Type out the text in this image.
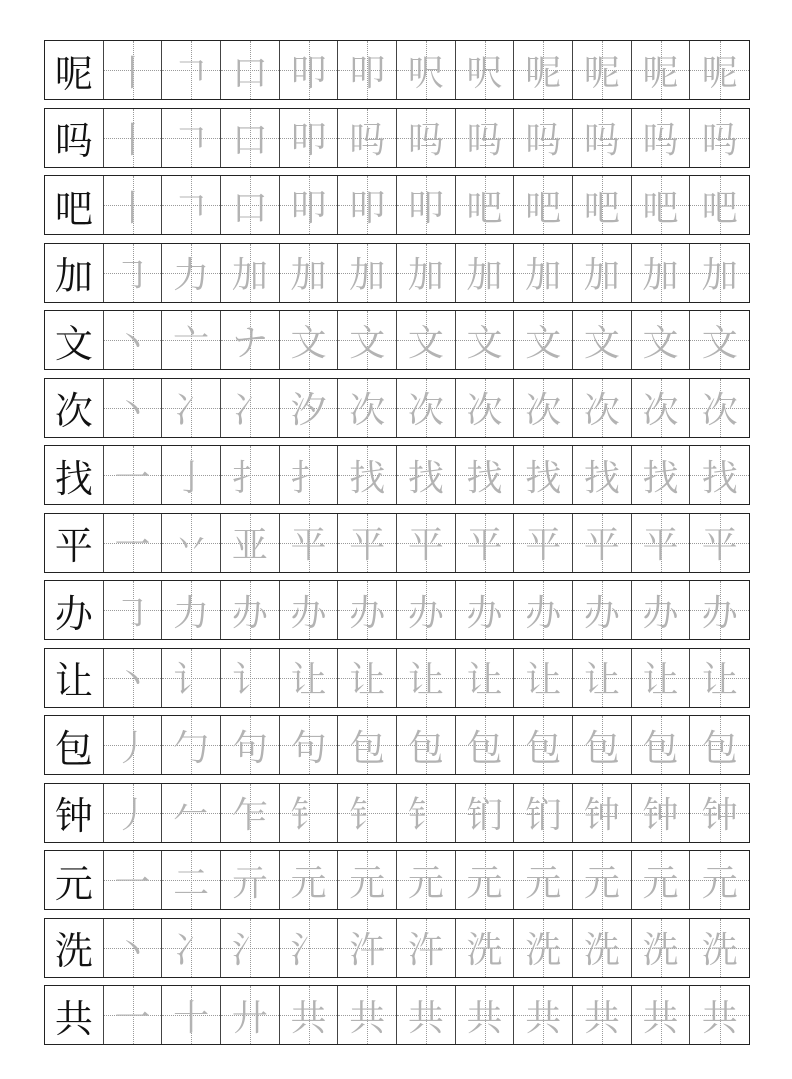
呢 丨 𠃍 口 叩 叩 呎 呎 呢 呢 呢 呢
吗 丨 𠃍 口 叩 吗 吗 吗 吗 吗 吗 吗
吧 丨 𠃍 口 叩 叩 叩 吧 吧 吧 吧 吧
加 ㇆ 力 加 加 加 加 加 加 加 加 加
文 丶 亠 ナ 文 文 文 文 文 文 文 文
次 丶 冫 冫 汐 次 次 次 次 次 次 次
找 一 亅 扌 扌 找 找 找 找 找 找 找
平 一 丷 亚 平 平 平 平 平 平 平 平
办 ㇆ 力 办 办 办 办 办 办 办 办 办
让 丶 讠 讠 让 让 让 让 让 让 让 让
包 丿 勹 句 句 包 包 包 包 包 包 包
钟 丿 𠂉 乍 钅 钅 钅 钔 钔 钟 钟 钟
元 一 二 亓 元 元 元 元 元 元 元 元
洗 丶 冫 氵 氵 汻 汻 洗 洗 洗 洗 洗
共 一 十 廾 共 共 共 共 共 共 共 共
